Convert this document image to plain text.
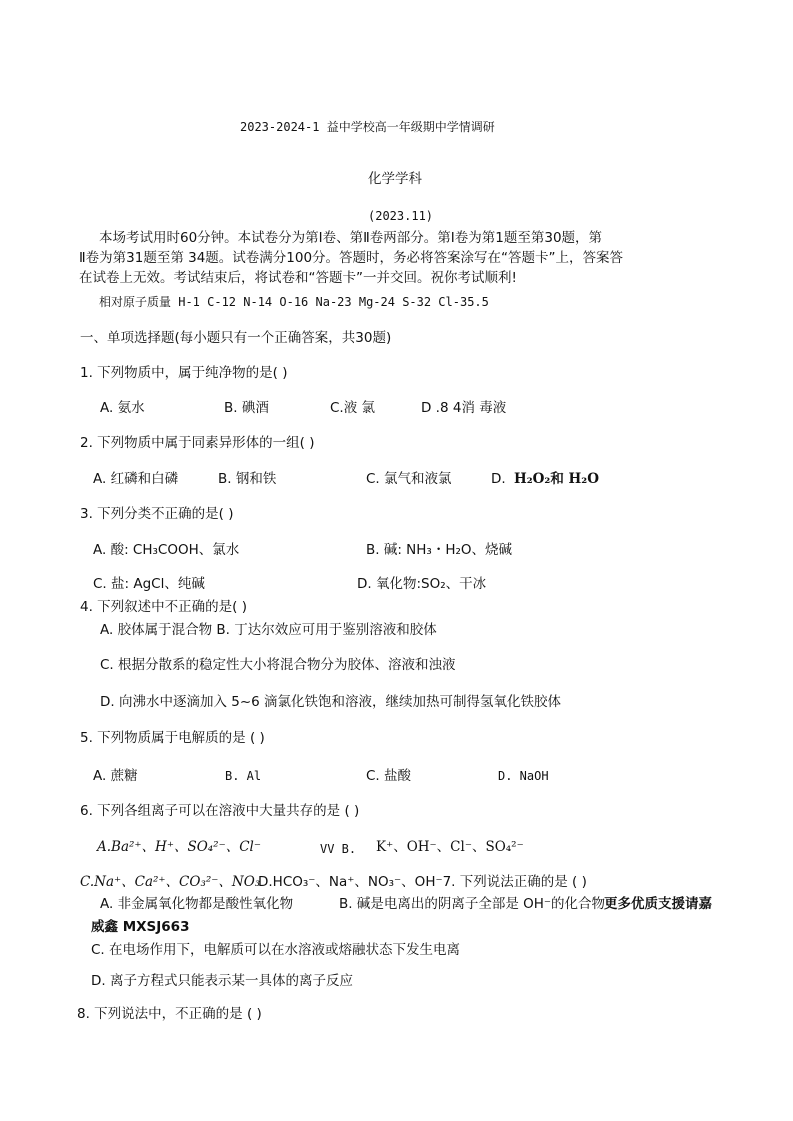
2023-2024-1 益中学校高一年级期中学情调研
化学学科
(2023.11)
本场考试用时60分钟。本试卷分为第Ⅰ卷、第Ⅱ卷两部分。第Ⅰ卷为第1题至第30题，第
Ⅱ卷为第31题至第 34题。试卷满分100分。答题时，务必将答案涂写在“答题卡”上，答案答
在试卷上无效。考试结束后，将试卷和“答题卡”一并交回。祝你考试顺利!
相对原子质量 H-1 C-12 N-14 O-16 Na-23 Mg-24 S-32 Cl-35.5
一、单项选择题(每小题只有一个正确答案，共30题)
1. 下列物质中，属于纯净物的是( )
A. 氨水	B. 碘酒	C.液 氯	D .8 4消 毒液
2. 下列物质中属于同素异形体的一组( )
A. 红磷和白磷	B. 钢和铁	C. 氯气和液氯	D. H₂O₂和 H₂O
3. 下列分类不正确的是( )
A. 酸: CH₃COOH、氯水	B. 碱: NH₃・H₂O、烧碱
C. 盐: AgCl、纯碱	D. 氧化物:SO₂、干冰
4. 下列叙述中不正确的是( )
A. 胶体属于混合物 B. 丁达尔效应可用于鉴别溶液和胶体
C. 根据分散系的稳定性大小将混合物分为胶体、溶液和浊液
D. 向沸水中逐滴加入 5~6 滴氯化铁饱和溶液，继续加热可制得氢氧化铁胶体
5. 下列物质属于电解质的是 ( )
A. 蔗糖	B. Al	C. 盐酸	D. NaOH
6. 下列各组离子可以在溶液中大量共存的是 ( )
A.Ba²⁺、H⁺、SO₄²⁻、Cl⁻	VV B. K⁺、OH⁻、Cl⁻、SO₄²⁻
C.Na⁺、Ca²⁺、CO₃²⁻、NO₃
D.HCO₃⁻、Na⁺、NO₃⁻、OH⁻7. 下列说法正确的是 ( )
A. 非金属氧化物都是酸性氧化物	B. 碱是电离出的阴离子全部是 OH⁻的化合物
更多优质支援请嘉
威鑫 MXSJ663
C. 在电场作用下，电解质可以在水溶液或熔融状态下发生电离
D. 离子方程式只能表示某一具体的离子反应
8. 下列说法中，不正确的是 ( )
